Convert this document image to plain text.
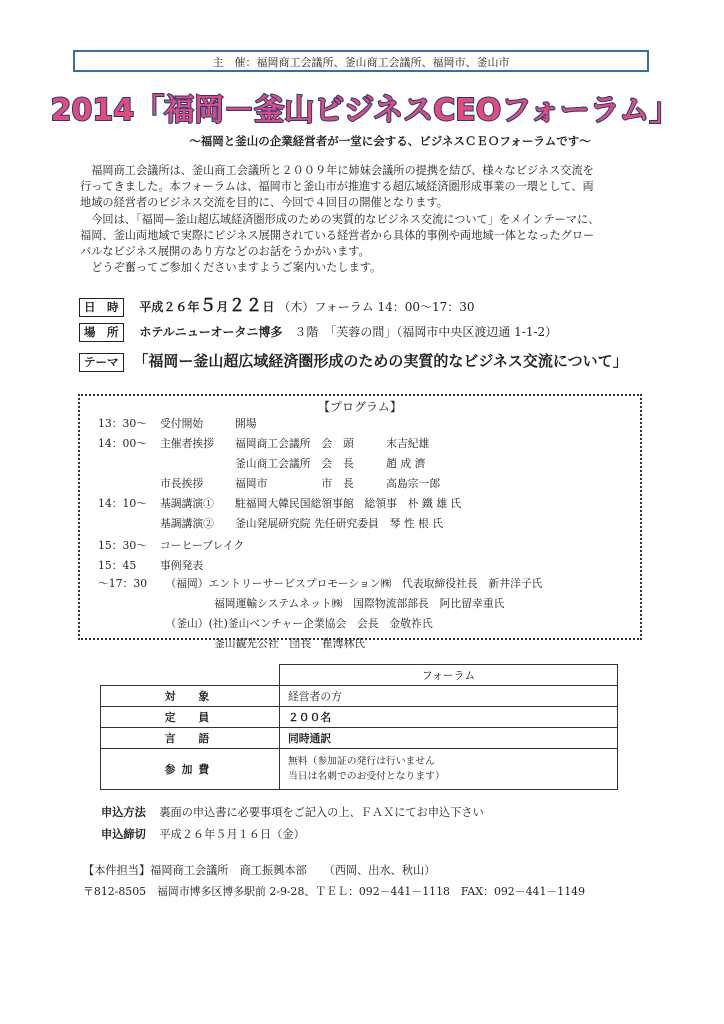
主　催：福岡商工会議所、釜山商工会議所、福岡市、釜山市
2014「福岡－釜山ビジネスCEOフォーラム」
～福岡と釜山の企業経営者が一堂に会する、ビジネスＣＥＯフォーラムです～
　福岡商工会議所は、釜山商工会議所と２００９年に姉妹会議所の提携を結び、様々なビジネス交流を
行ってきました。本フォーラムは、福岡市と釜山市が推進する超広域経済圏形成事業の一環として、両
地域の経営者のビジネス交流を目的に、今回で４回目の開催となります。
　今回は、「福岡—釜山超広域経済圏形成のための実質的なビジネス交流について」をメインテーマに、
福岡、釜山両地域で実際にビジネス展開されている経営者から具体的事例や両地域一体となったグロー
バルなビジネス展開のあり方などのお話をうかがいます。
　どうぞ奮ってご参加くださいますようご案内いたします。
日　時 平成２６年５月２２日 （木）フォーラム 14：00～17：30
場　所 ホテルニューオータニ博多 ３階　「芙蓉の間」（福岡市中央区渡辺通 1-1-2）
テーマ 「福岡ー釜山超広域経済圏形成のための実質的なビジネス交流について」
【プログラム】
13：30～ 受付開始	開場
14：00～ 主催者挨拶 福岡商工会議所　会　頭　　　末吉紀雄
釜山商工会議所　会　長　　　趙 成 濟
市長挨拶	福岡市　　　　　市　長　　　高島宗一郎
14：10～ 基調講演① 駐福岡大韓民国総領事館　総領事　朴 鐵 雄 氏
基調講演② 釜山発展研究院 先任研究委員　琴 性 根 氏
15：30～ コーヒーブレイク
15：45 事例発表
～17：30 　（福岡）エントリーサービスプロモーション㈱　代表取締役社長　新井洋子氏
　　　　　福岡運輸システムネット㈱　国際物流部部長　阿比留幸重氏
　（釜山）(社)釜山ベンチャー企業協会　会長　金敬祚氏
　　　　　釜山観光公社　団長　崔溥林氏
	フォーラム
対　象	経営者の方
定　員	２００名
言　語	同時通訳
参加費	無料（参加証の発行は行いません
当日は名刺でのお受付となります）
申込方法 裏面の申込書に必要事項をご記入の上、ＦＡＸにてお申込下さい
申込締切 平成２６年５月１６日（金）
【本件担当】福岡商工会議所　商工振興本部　　（西岡、出水、秋山）
〒812-8505　福岡市博多区博多駅前 2-9-28、ＴＥＬ：092－441－1118　FAX：092－441－1149
